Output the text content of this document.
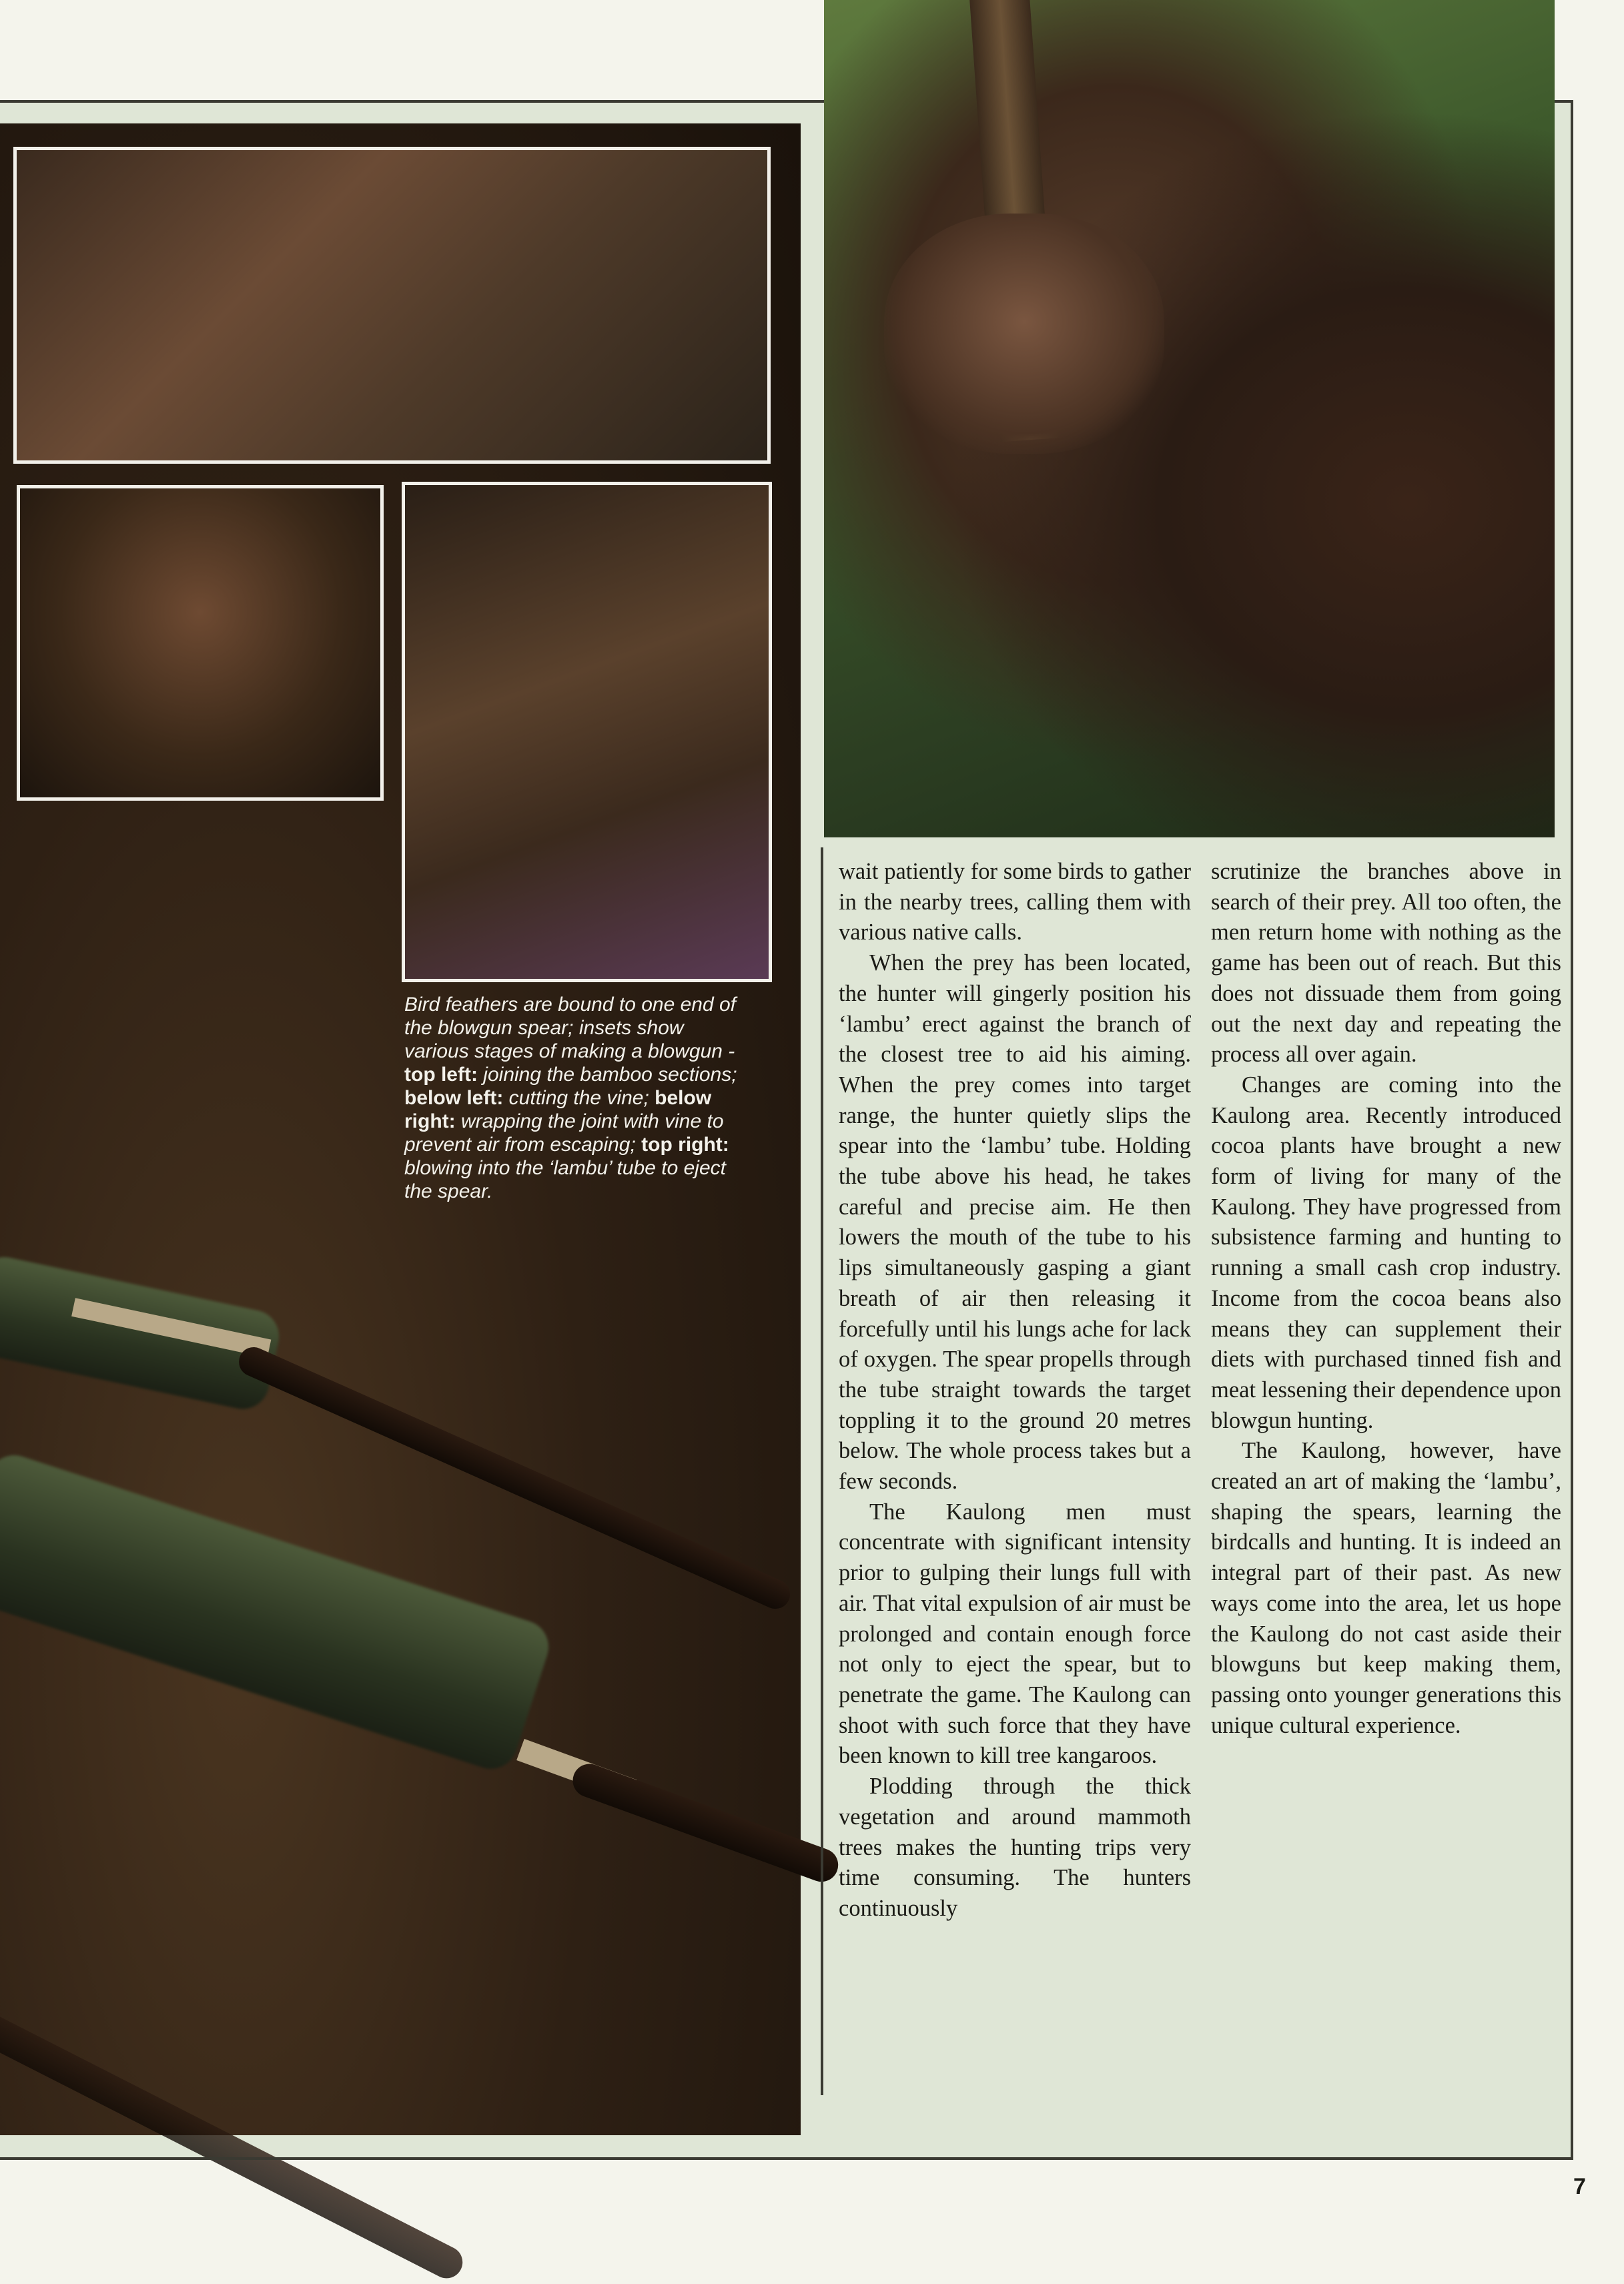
Bird feathers are bound to one end of the blowgun spear; insets show various stages of making a blowgun - top left: joining the bamboo sections; below left: cutting the vine; below right: wrapping the joint with vine to prevent air from escaping; top right: blowing into the ‘lambu’ tube to eject the spear.

wait patiently for some birds to gather in the nearby trees, calling them with various native calls.

When the prey has been located, the hunter will gingerly position his ‘lambu’ erect against the branch of the closest tree to aid his aiming. When the prey comes into target range, the hunter quietly slips the spear into the ‘lambu’ tube. Holding the tube above his head, he takes careful and precise aim. He then lowers the mouth of the tube to his lips simultaneously gasping a giant breath of air then releasing it forcefully until his lungs ache for lack of oxygen. The spear propells through the tube straight towards the target toppling it to the ground 20 metres below. The whole process takes but a few seconds.

The Kaulong men must concentrate with significant intensity prior to gulping their lungs full with air. That vital expulsion of air must be prolonged and contain enough force not only to eject the spear, but to penetrate the game. The Kaulong can shoot with such force that they have been known to kill tree kangaroos.

Plodding through the thick vegetation and around mammoth trees makes the hunting trips very time consuming. The hunters continuously

scrutinize the branches above in search of their prey. All too often, the men return home with nothing as the game has been out of reach. But this does not dissuade them from going out the next day and repeating the process all over again.

Changes are coming into the Kaulong area. Recently introduced cocoa plants have brought a new form of living for many of the Kaulong. They have progressed from subsistence farming and hunting to running a small cash crop industry. Income from the cocoa beans also means they can supplement their diets with purchased tinned fish and meat lessening their dependence upon blowgun hunting.

The Kaulong, however, have created an art of making the ‘lambu’, shaping the spears, learning the birdcalls and hunting. It is indeed an integral part of their past. As new ways come into the area, let us hope the Kaulong do not cast aside their blowguns but keep making them, passing onto younger generations this unique cultural experience.

7
